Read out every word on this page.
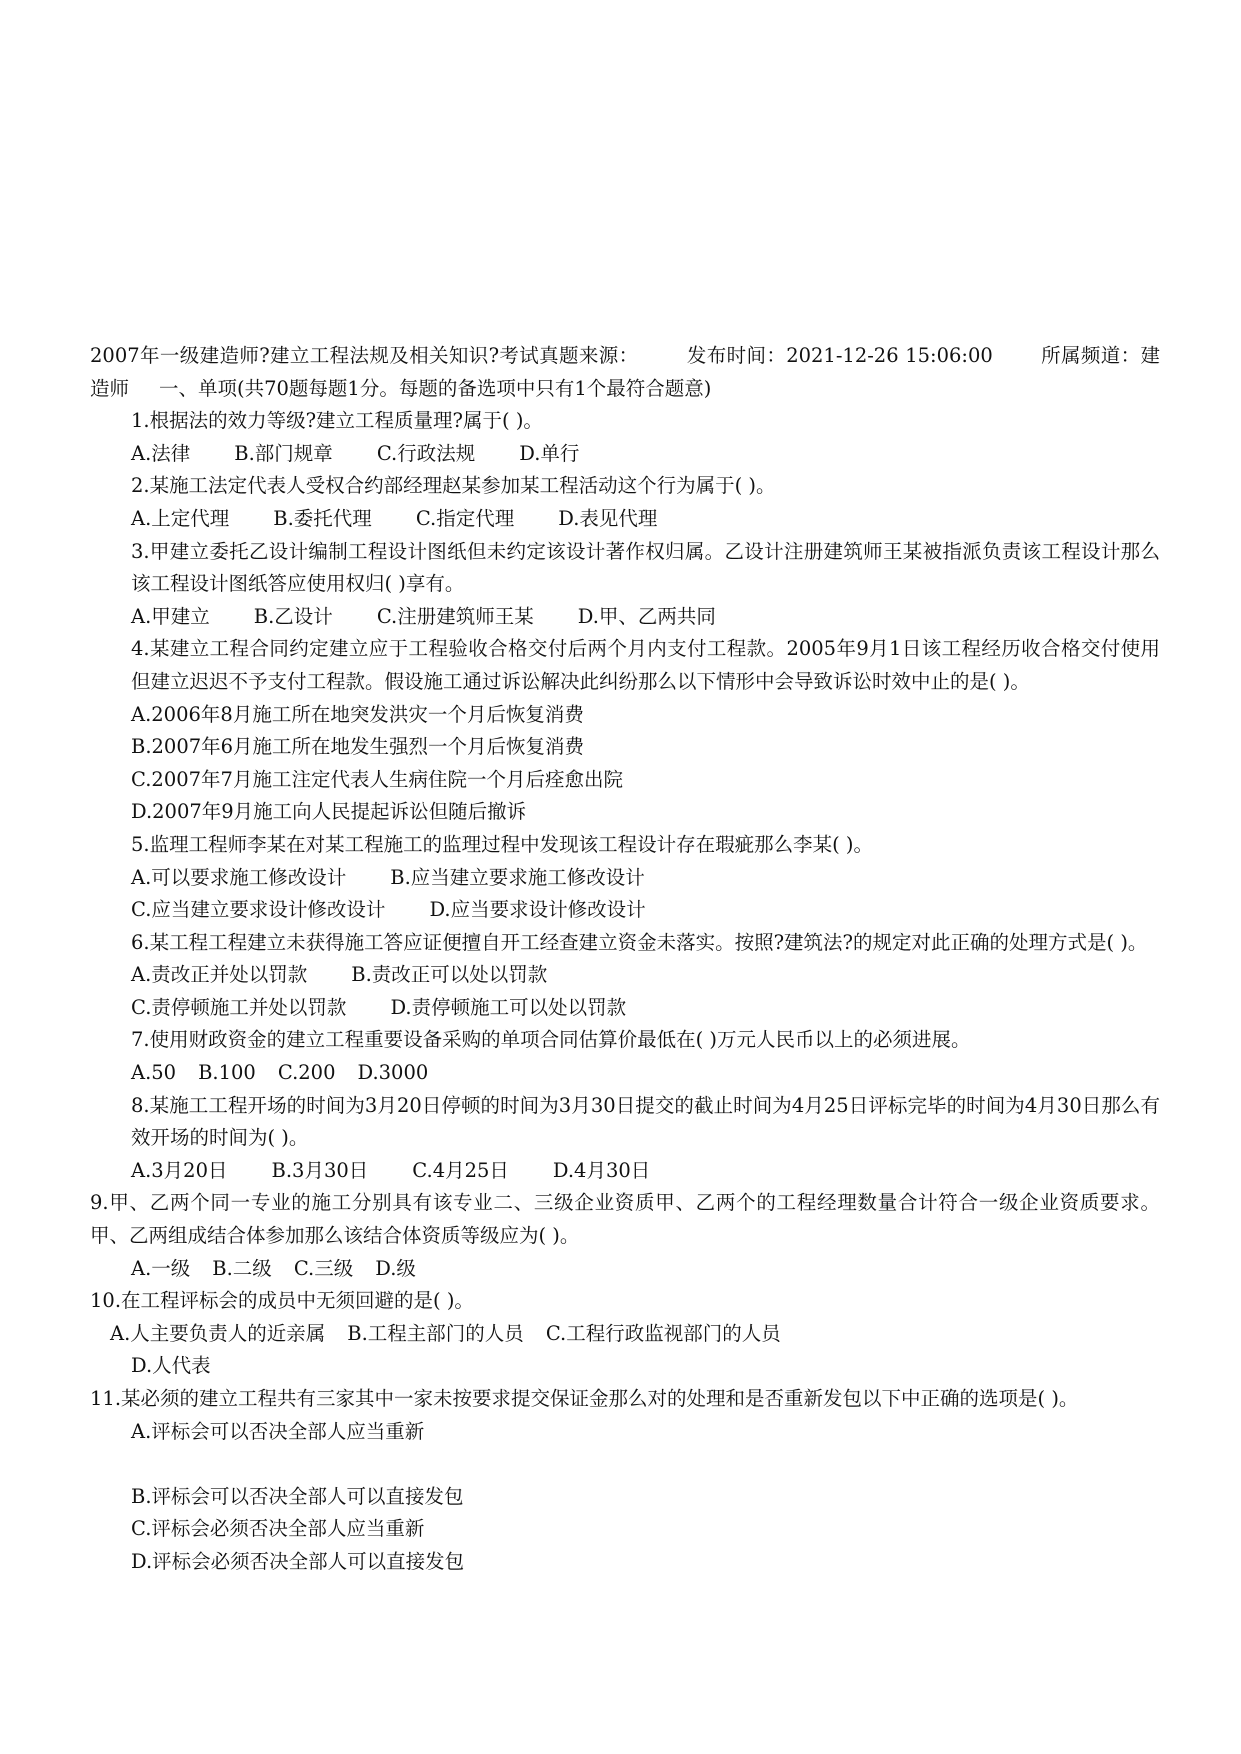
2007年一级建造师?建立工程法规及相关知识?考试真题来源： 发布时间：2021-12-26 15:06:00 所属频道：建造师 一、单项(共70题每题1分。每题的备选项中只有1个最符合题意)

1.根据法的效力等级?建立工程质量理?属于( )。

A.法律 B.部门规章 C.行政法规 D.单行

2.某施工法定代表人受权合约部经理赵某参加某工程活动这个行为属于( )。

A.上定代理 B.委托代理 C.指定代理 D.表见代理

3.甲建立委托乙设计编制工程设计图纸但未约定该设计著作权归属。乙设计注册建筑师王某被指派负责该工程设计那么该工程设计图纸答应使用权归( )享有。

A.甲建立 B.乙设计 C.注册建筑师王某 D.甲、乙两共同

4.某建立工程合同约定建立应于工程验收合格交付后两个月内支付工程款。2005年9月1日该工程经历收合格交付使用但建立迟迟不予支付工程款。假设施工通过诉讼解决此纠纷那么以下情形中会导致诉讼时效中止的是( )。

A.2006年8月施工所在地突发洪灾一个月后恢复消费

B.2007年6月施工所在地发生强烈一个月后恢复消费

C.2007年7月施工注定代表人生病住院一个月后痊愈出院

D.2007年9月施工向人民提起诉讼但随后撤诉

5.监理工程师李某在对某工程施工的监理过程中发现该工程设计存在瑕疵那么李某( )。

A.可以要求施工修改设计 B.应当建立要求施工修改设计

C.应当建立要求设计修改设计 D.应当要求设计修改设计

6.某工程工程建立未获得施工答应证便擅自开工经查建立资金未落实。按照?建筑法?的规定对此正确的处理方式是( )。

A.责改正并处以罚款 B.责改正可以处以罚款

C.责停顿施工并处以罚款 D.责停顿施工可以处以罚款

7.使用财政资金的建立工程重要设备采购的单项合同估算价最低在( )万元人民币以上的必须进展。

A.50 B.100 C.200 D.3000

8.某施工工程开场的时间为3月20日停顿的时间为3月30日提交的截止时间为4月25日评标完毕的时间为4月30日那么有效开场的时间为( )。

A.3月20日 B.3月30日 C.4月25日 D.4月30日

9.甲、乙两个同一专业的施工分别具有该专业二、三级企业资质甲、乙两个的工程经理数量合计符合一级企业资质要求。甲、乙两组成结合体参加那么该结合体资质等级应为( )。

A.一级 B.二级 C.三级 D.级

10.在工程评标会的成员中无须回避的是( )。

A.人主要负责人的近亲属 B.工程主部门的人员 C.工程行政监视部门的人员

D.人代表

11.某必须的建立工程共有三家其中一家未按要求提交保证金那么对的处理和是否重新发包以下中正确的选项是( )。

A.评标会可以否决全部人应当重新

B.评标会可以否决全部人可以直接发包

C.评标会必须否决全部人应当重新

D.评标会必须否决全部人可以直接发包
